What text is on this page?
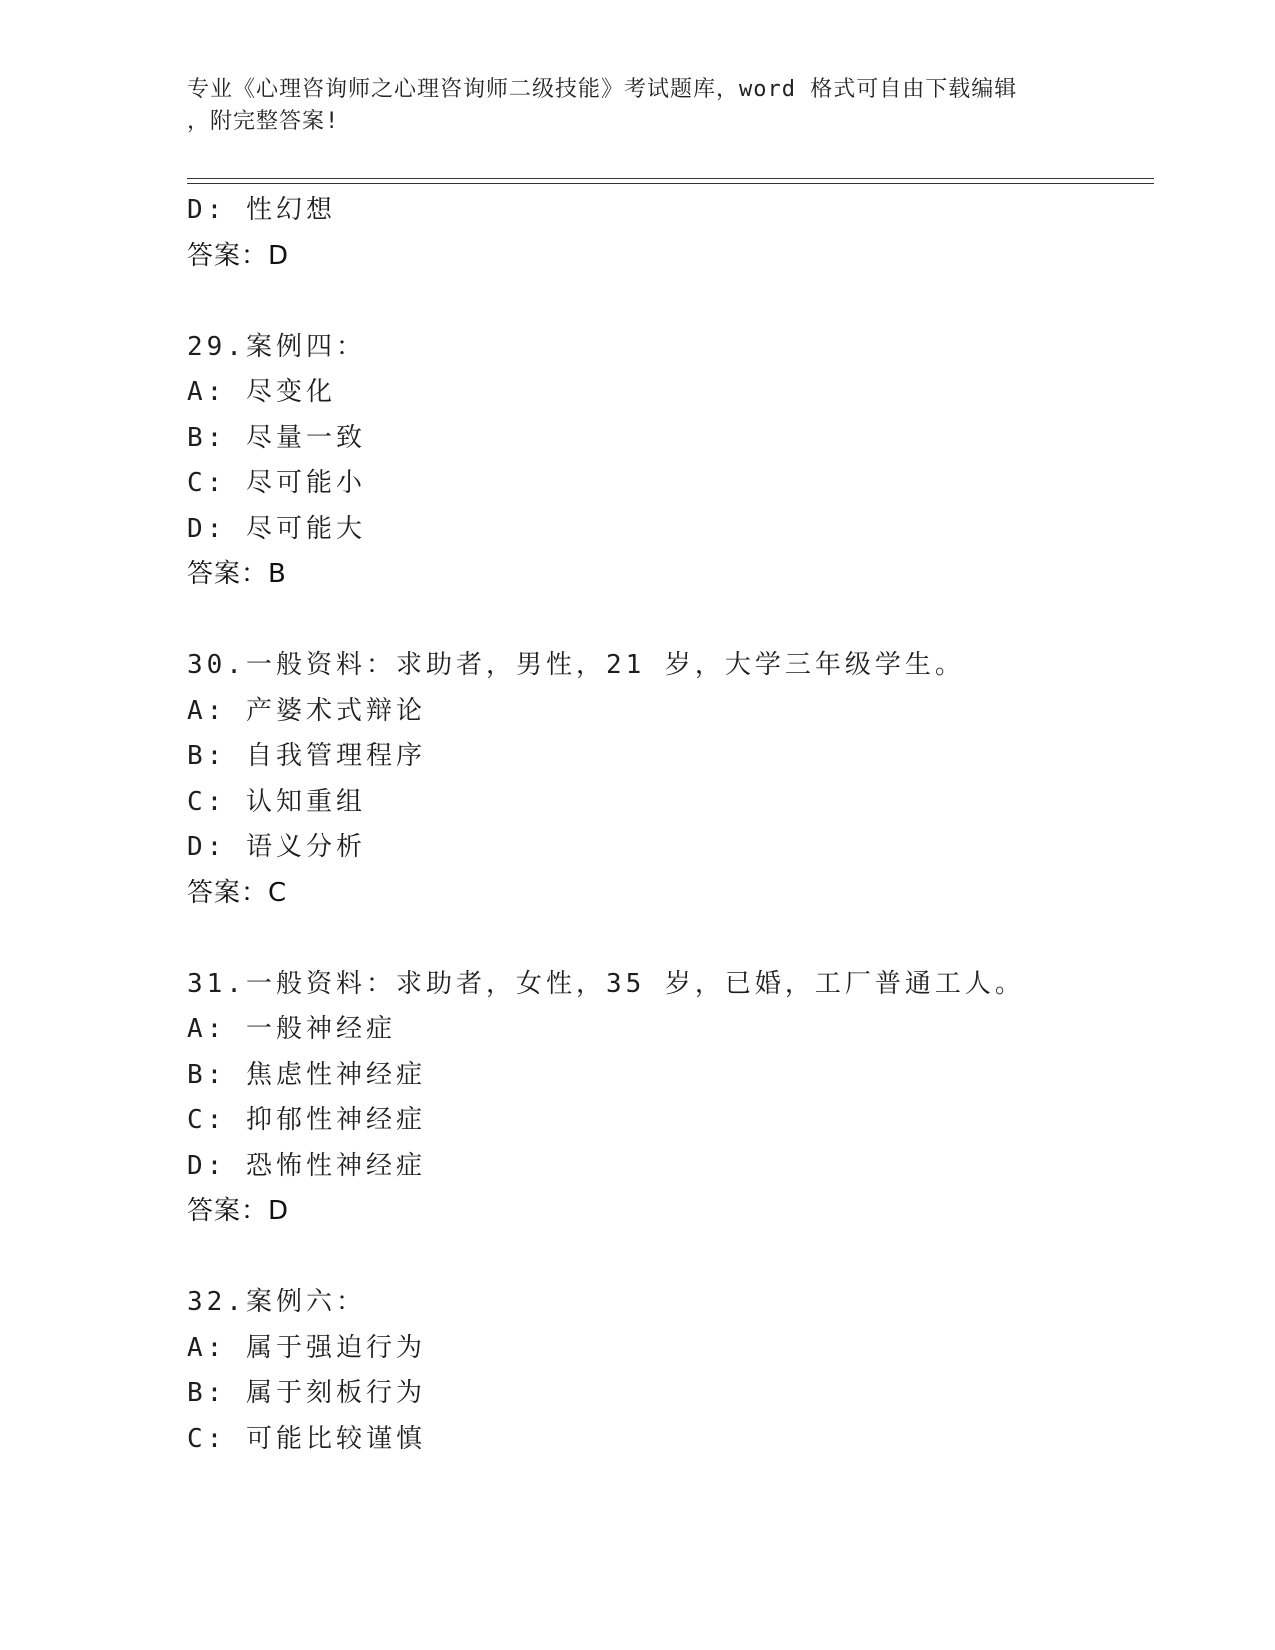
专业《心理咨询师之心理咨询师二级技能》考试题库，word 格式可自由下载编辑
，附完整答案!
D: 性幻想
答案：D
29.案例四：
A: 尽变化
B: 尽量一致
C: 尽可能小
D: 尽可能大
答案：B
30.一般资料：求助者，男性，21 岁，大学三年级学生。
A: 产婆术式辩论
B: 自我管理程序
C: 认知重组
D: 语义分析
答案：C
31.一般资料：求助者，女性，35 岁，已婚，工厂普通工人。
A: 一般神经症
B: 焦虑性神经症
C: 抑郁性神经症
D: 恐怖性神经症
答案：D
32.案例六：
A: 属于强迫行为
B: 属于刻板行为
C: 可能比较谨慎
